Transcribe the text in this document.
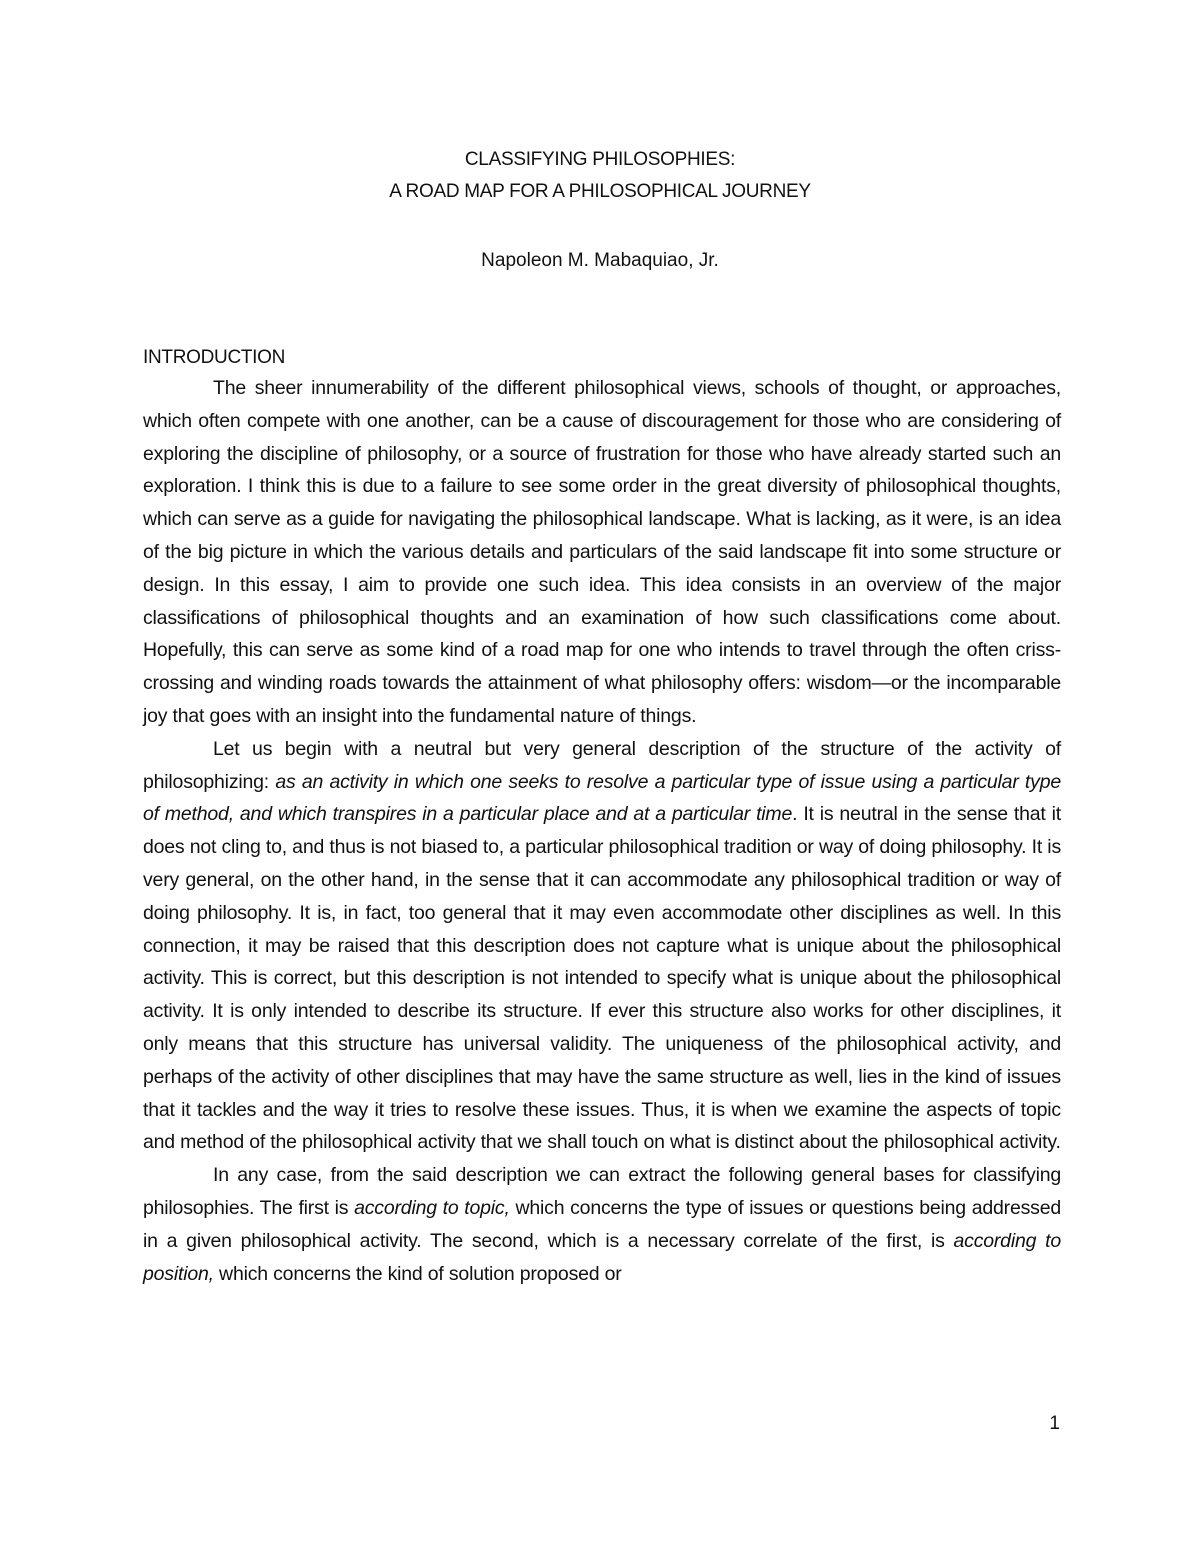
CLASSIFYING PHILOSOPHIES:
A ROAD MAP FOR A PHILOSOPHICAL JOURNEY
Napoleon M. Mabaquiao, Jr.
INTRODUCTION

The sheer innumerability of the different philosophical views, schools of thought, or approaches, which often compete with one another, can be a cause of discouragement for those who are considering of exploring the discipline of philosophy, or a source of frustration for those who have already started such an exploration. I think this is due to a failure to see some order in the great diversity of philosophical thoughts, which can serve as a guide for navigating the philosophical landscape. What is lacking, as it were, is an idea of the big picture in which the various details and particulars of the said landscape fit into some structure or design. In this essay, I aim to provide one such idea. This idea consists in an overview of the major classifications of philosophical thoughts and an examination of how such classifications come about. Hopefully, this can serve as some kind of a road map for one who intends to travel through the often criss-crossing and winding roads towards the attainment of what philosophy offers: wisdom—or the incomparable joy that goes with an insight into the fundamental nature of things.

Let us begin with a neutral but very general description of the structure of the activity of philosophizing: as an activity in which one seeks to resolve a particular type of issue using a particular type of method, and which transpires in a particular place and at a particular time. It is neutral in the sense that it does not cling to, and thus is not biased to, a particular philosophical tradition or way of doing philosophy. It is very general, on the other hand, in the sense that it can accommodate any philosophical tradition or way of doing philosophy. It is, in fact, too general that it may even accommodate other disciplines as well. In this connection, it may be raised that this description does not capture what is unique about the philosophical activity. This is correct, but this description is not intended to specify what is unique about the philosophical activity. It is only intended to describe its structure. If ever this structure also works for other disciplines, it only means that this structure has universal validity. The uniqueness of the philosophical activity, and perhaps of the activity of other disciplines that may have the same structure as well, lies in the kind of issues that it tackles and the way it tries to resolve these issues. Thus, it is when we examine the aspects of topic and method of the philosophical activity that we shall touch on what is distinct about the philosophical activity.

In any case, from the said description we can extract the following general bases for classifying philosophies. The first is according to topic, which concerns the type of issues or questions being addressed in a given philosophical activity. The second, which is a necessary correlate of the first, is according to position, which concerns the kind of solution proposed or

1
